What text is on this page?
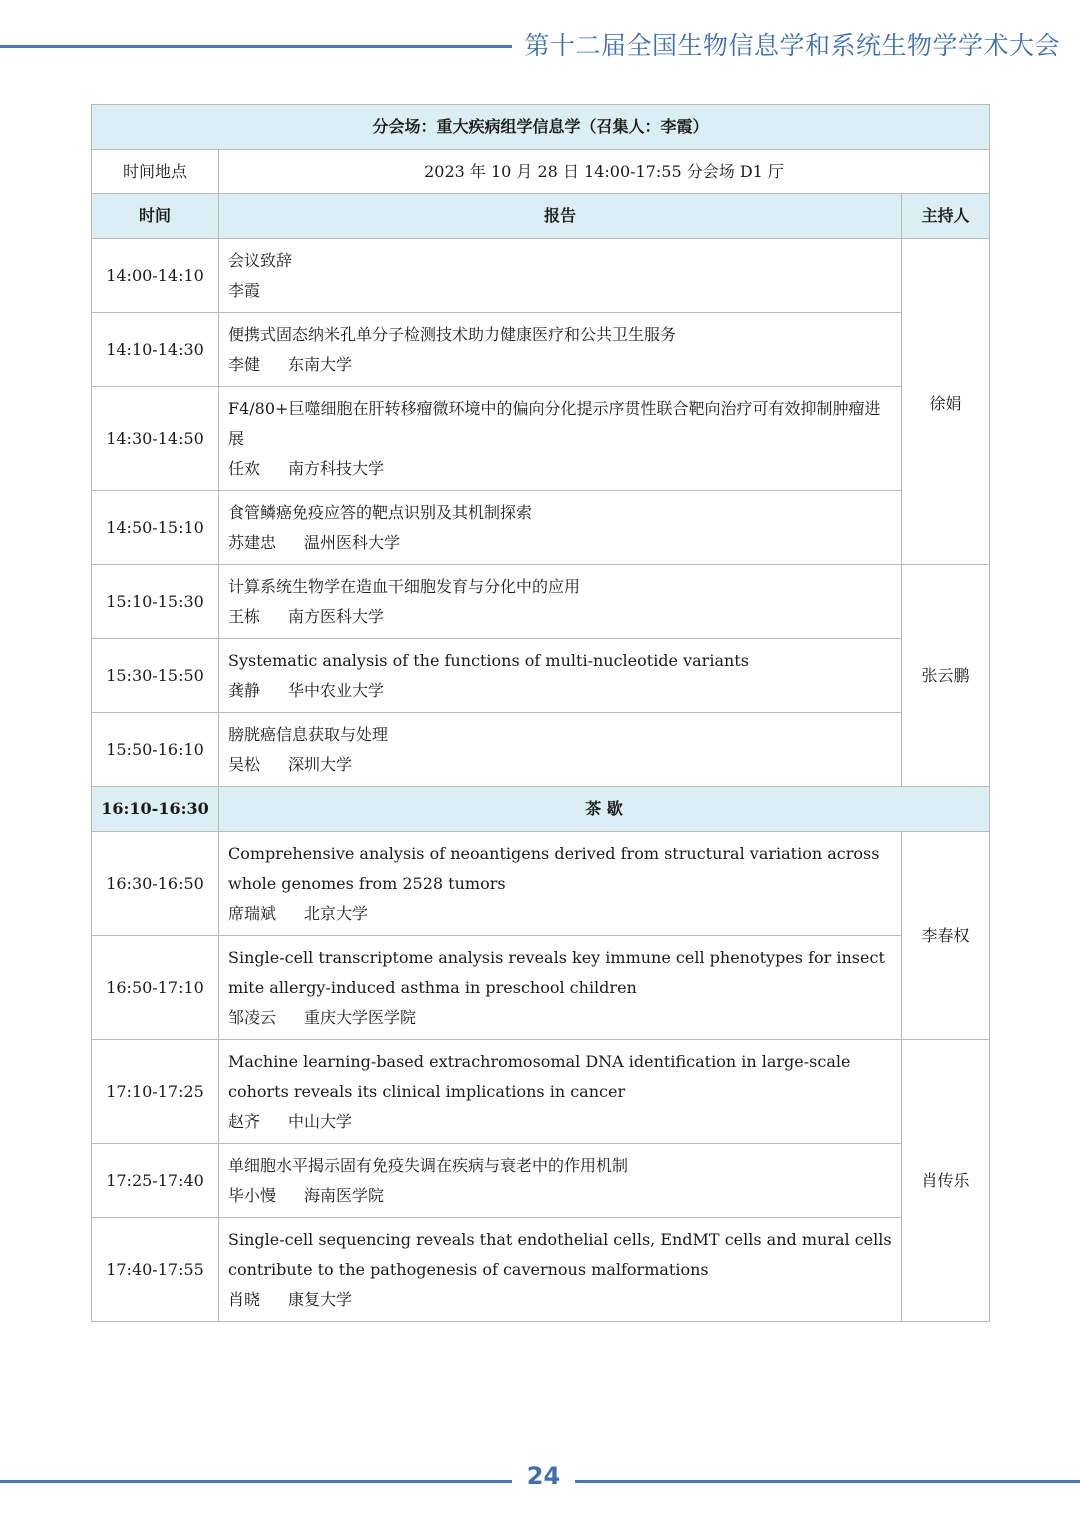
第十二届全国生物信息学和系统生物学学术大会
分会场：重大疾病组学信息学（召集人：李霞）		
时间地点	2023 年 10 月 28 日 14:00-17:55 分会场 D1 厅	
时间	报告	主持人
14:00-14:10	会议致辞
李霞	徐娟
14:10-14:30	便携式固态纳米孔单分子检测技术助力健康医疗和公共卫生服务
李健 东南大学	

14:30-14:50	F4/80+巨噬细胞在肝转移瘤微环境中的偏向分化提示序贯性联合靶向治疗可有效抑制肿瘤进展
任欢 南方科技大学	

14:50-15:10	食管鳞癌免疫应答的靶点识别及其机制探索
苏建忠 温州医科大学	

15:10-15:30	计算系统生物学在造血干细胞发育与分化中的应用
王栋 南方医科大学	张云鹏
15:30-15:50	Systematic analysis of the functions of multi-nucleotide variants
龚静 华中农业大学	

15:50-16:10	膀胱癌信息获取与处理
吴松 深圳大学	

16:10-16:30	茶 歇	
16:30-16:50	Comprehensive analysis of neoantigens derived from structural variation across whole genomes from 2528 tumors
席瑞斌 北京大学	李春权
16:50-17:10	Single-cell transcriptome analysis reveals key immune cell phenotypes for insect mite allergy-induced asthma in preschool children
邹凌云 重庆大学医学院	

17:10-17:25	Machine learning-based extrachromosomal DNA identification in large-scale cohorts reveals its clinical implications in cancer
赵齐 中山大学	肖传乐
17:25-17:40	单细胞水平揭示固有免疫失调在疾病与衰老中的作用机制
毕小慢 海南医学院	

17:40-17:55	Single-cell sequencing reveals that endothelial cells, EndMT cells and mural cells contribute to the pathogenesis of cavernous malformations
肖晓 康复大学	
24
